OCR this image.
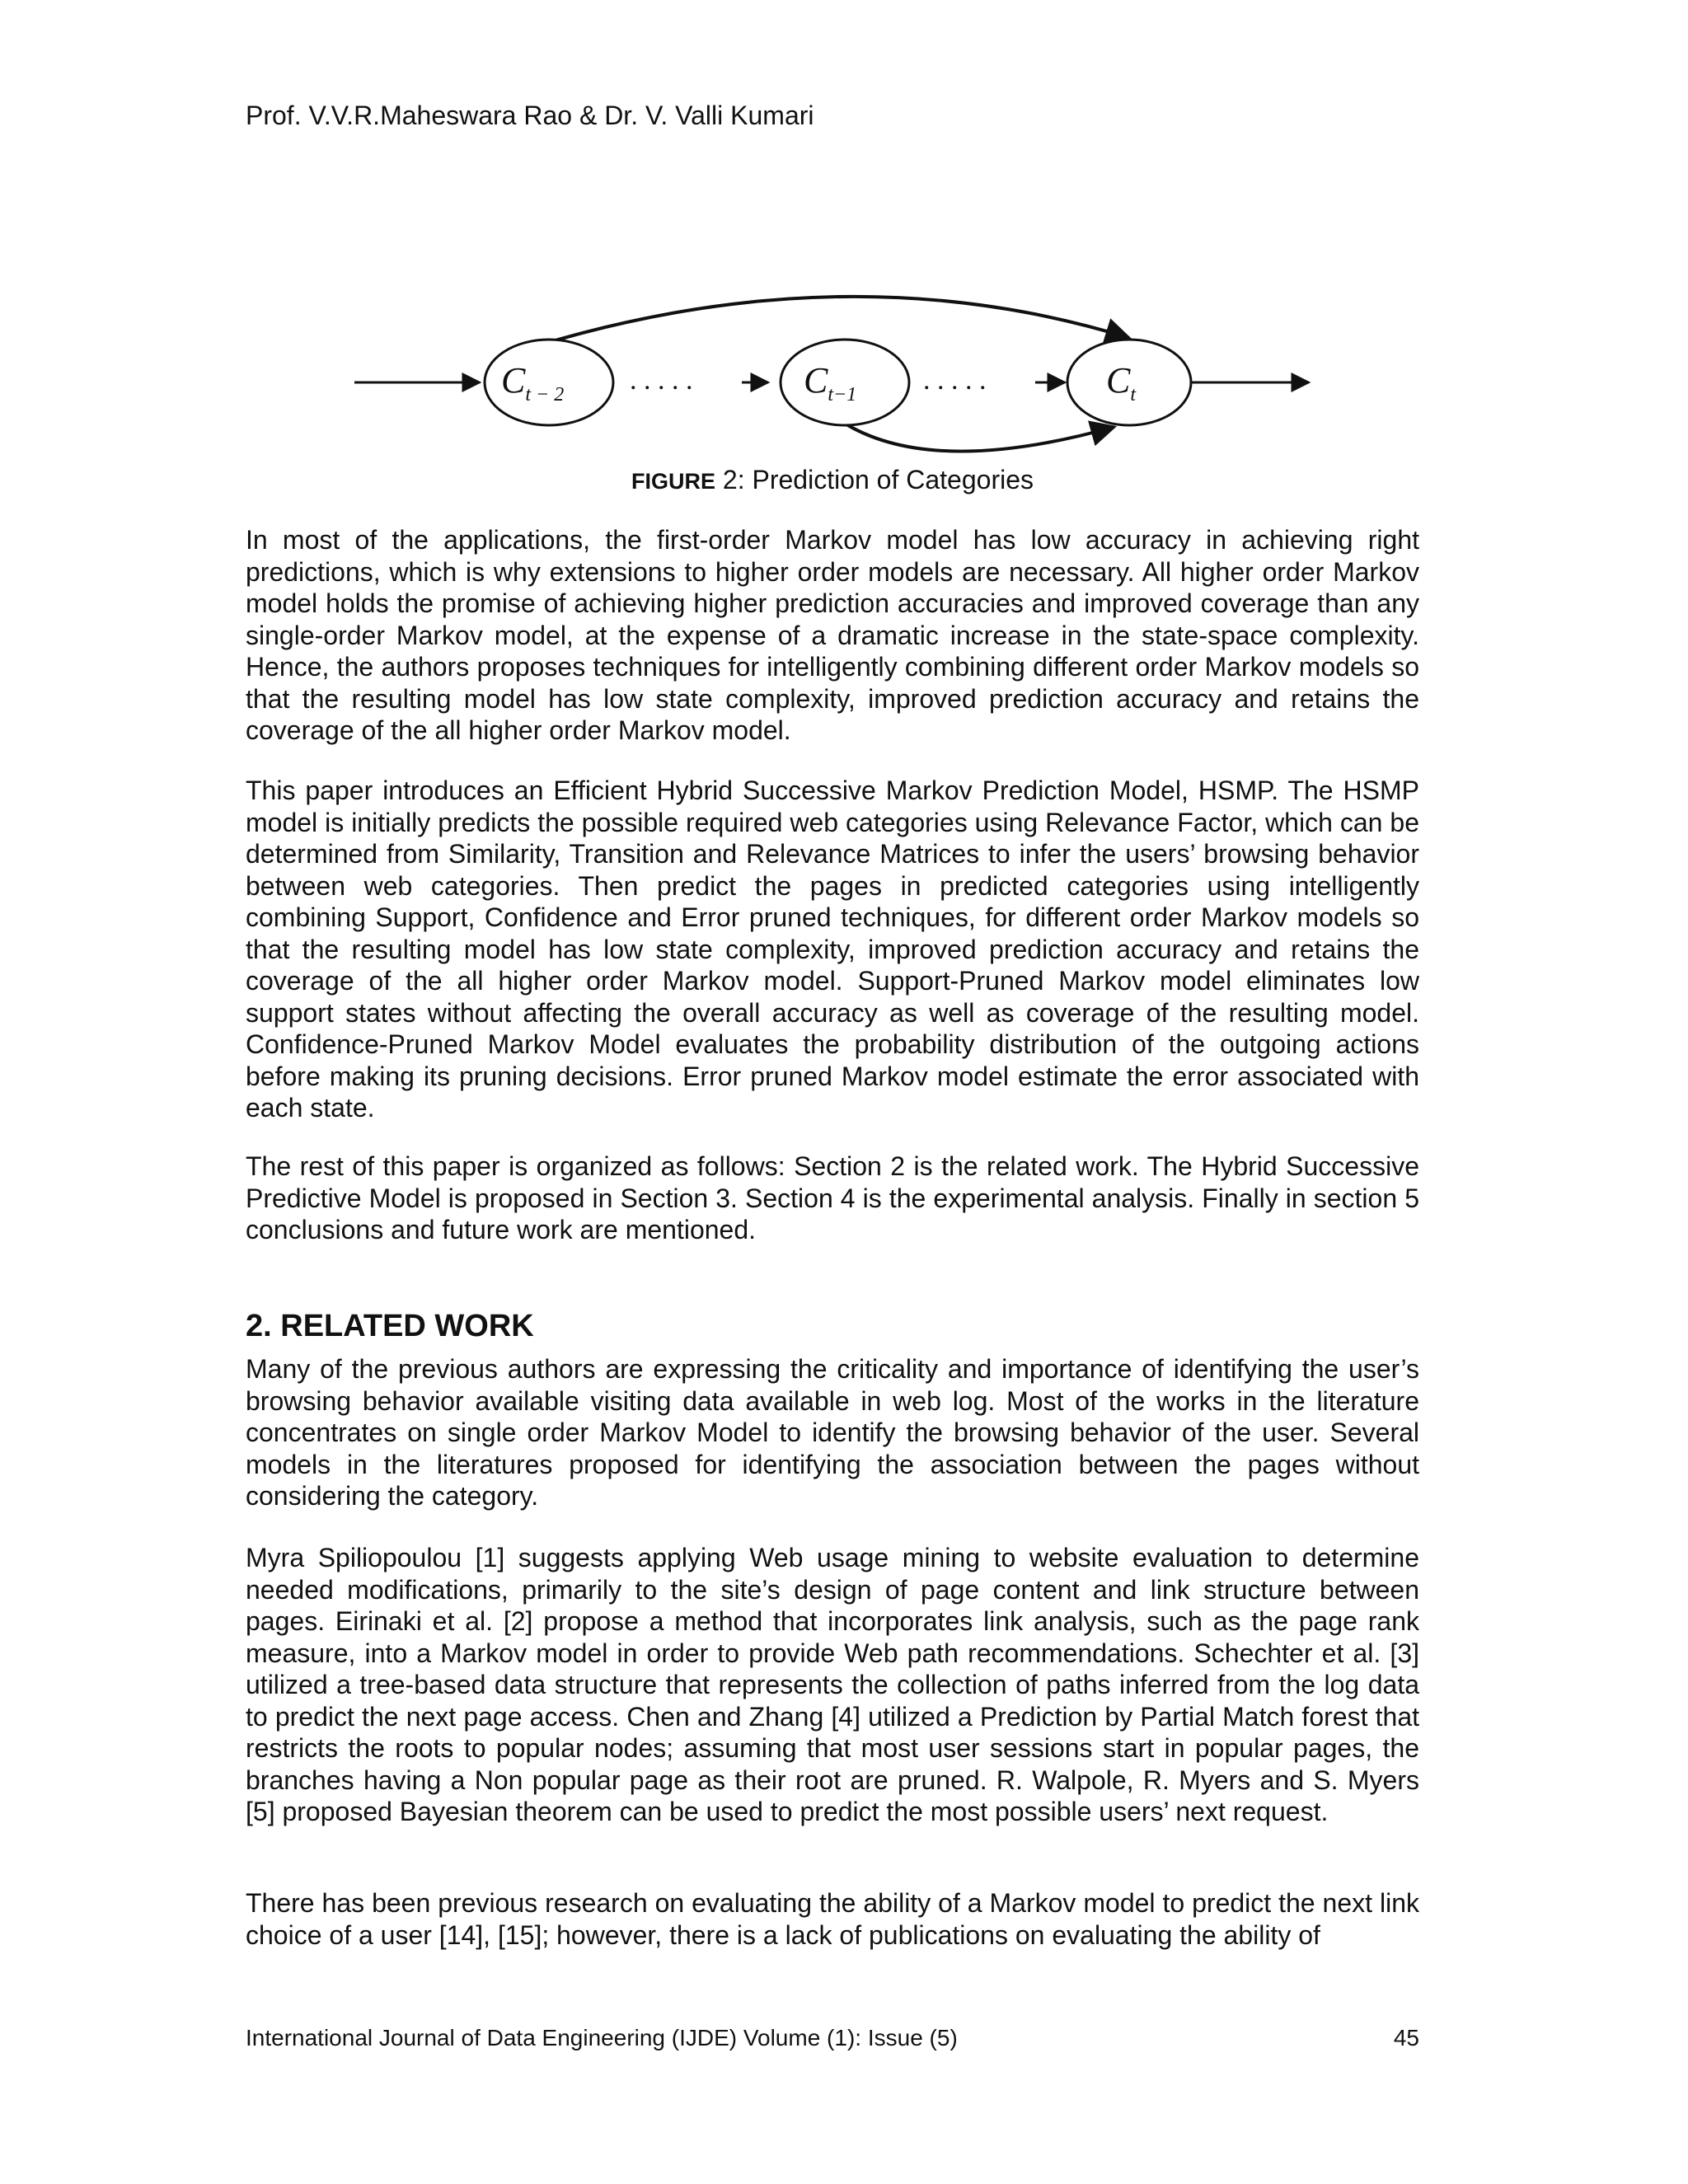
Prof. V.V.R.Maheswara Rao & Dr. V. Valli Kumari
. . . . .	. . . . .
$C_{t - 2}$	$C_{t-1}$	$C_t$
FIGURE 2: Prediction of Categories

In most of the applications, the first-order Markov model has low accuracy in achieving right predictions, which is why extensions to higher order models are necessary. All higher order Markov model holds the promise of achieving higher prediction accuracies and improved coverage than any single-order Markov model, at the expense of a dramatic increase in the state-space complexity. Hence, the authors proposes techniques for intelligently combining different order Markov models so that the resulting model has low state complexity, improved prediction accuracy and retains the coverage of the all higher order Markov model.

This paper introduces an Efficient Hybrid Successive Markov Prediction Model, HSMP. The HSMP model is initially predicts the possible required web categories using Relevance Factor, which can be determined from Similarity, Transition and Relevance Matrices to infer the users’ browsing behavior between web categories. Then predict the pages in predicted categories using intelligently combining Support, Confidence and Error pruned techniques, for different order Markov models so that the resulting model has low state complexity, improved prediction accuracy and retains the coverage of the all higher order Markov model. Support-Pruned Markov model eliminates low support states without affecting the overall accuracy as well as coverage of the resulting model. Confidence-Pruned Markov Model evaluates the probability distribution of the outgoing actions before making its pruning decisions. Error pruned Markov model estimate the error associated with each state.

The rest of this paper is organized as follows: Section 2 is the related work. The Hybrid Successive Predictive Model is proposed in Section 3. Section 4 is the experimental analysis. Finally in section 5 conclusions and future work are mentioned.

2. RELATED WORK

Many of the previous authors are expressing the criticality and importance of identifying the user’s browsing behavior available visiting data available in web log. Most of the works in the literature concentrates on single order Markov Model to identify the browsing behavior of the user. Several models in the literatures proposed for identifying the association between the pages without considering the category.

Myra Spiliopoulou [1] suggests applying Web usage mining to website evaluation to determine needed modifications, primarily to the site’s design of page content and link structure between pages. Eirinaki et al. [2] propose a method that incorporates link analysis, such as the page rank measure, into a Markov model in order to provide Web path recommendations. Schechter et al. [3] utilized a tree-based data structure that represents the collection of paths inferred from the log data to predict the next page access. Chen and Zhang [4] utilized a Prediction by Partial Match forest that restricts the roots to popular nodes; assuming that most user sessions start in popular pages, the branches having a Non popular page as their root are pruned. R. Walpole, R. Myers and S. Myers [5] proposed Bayesian theorem can be used to predict the most possible users’ next request.

There has been previous research on evaluating the ability of a Markov model to predict the next link choice of a user [14], [15]; however, there is a lack of publications on evaluating the ability of

International Journal of Data Engineering (IJDE) Volume (1): Issue (5)	45
